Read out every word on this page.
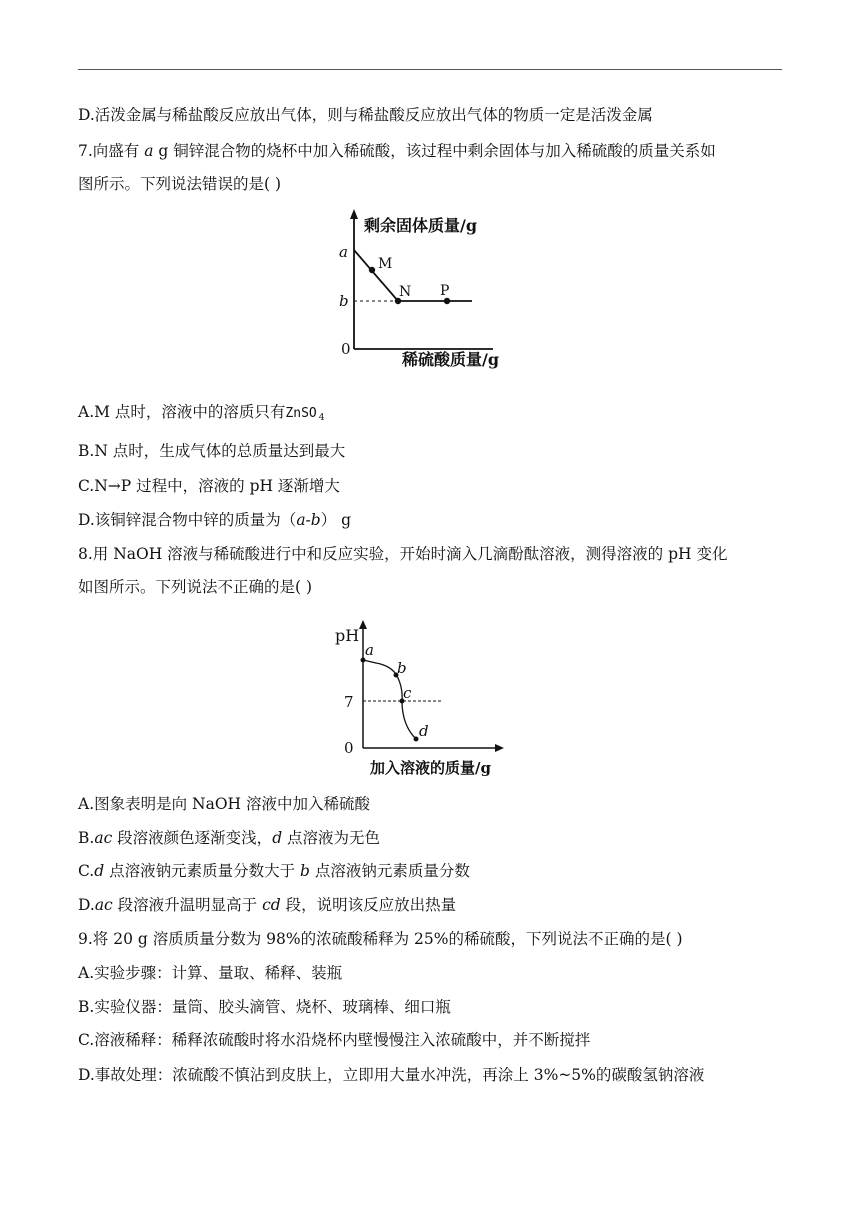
D.活泼金属与稀盐酸反应放出气体，则与稀盐酸反应放出气体的物质一定是活泼金属
7.向盛有 a g 铜锌混合物的烧杯中加入稀硫酸，该过程中剩余固体与加入稀硫酸的质量关系如
图所示。下列说法错误的是( )
剩余固体质量/g
稀硫酸质量/g
0
a
b
M
N P
A.M 点时，溶液中的溶质只有ZnSO $_4$
B.N 点时，生成气体的总质量达到最大
C.N→P 过程中，溶液的 pH 逐渐增大
D.该铜锌混合物中锌的质量为（a-b） g
8.用 NaOH 溶液与稀硫酸进行中和反应实验，开始时滴入几滴酚酞溶液，测得溶液的 pH 变化
如图所示。下列说法不正确的是( )
pH
加入溶液的质量/g
0
7
a
b
c
d
A.图象表明是向 NaOH 溶液中加入稀硫酸
B.ac 段溶液颜色逐渐变浅，d 点溶液为无色
C.d 点溶液钠元素质量分数大于 b 点溶液钠元素质量分数
D.ac 段溶液升温明显高于 cd 段，说明该反应放出热量
9.将 20 g 溶质质量分数为 98%的浓硫酸稀释为 25%的稀硫酸，下列说法不正确的是( )
A.实验步骤：计算、量取、稀释、装瓶
B.实验仪器：量筒、胶头滴管、烧杯、玻璃棒、细口瓶
C.溶液稀释：稀释浓硫酸时将水沿烧杯内壁慢慢注入浓硫酸中，并不断搅拌
D.事故处理：浓硫酸不慎沾到皮肤上，立即用大量水冲洗，再涂上 3%~5%的碳酸氢钠溶液
